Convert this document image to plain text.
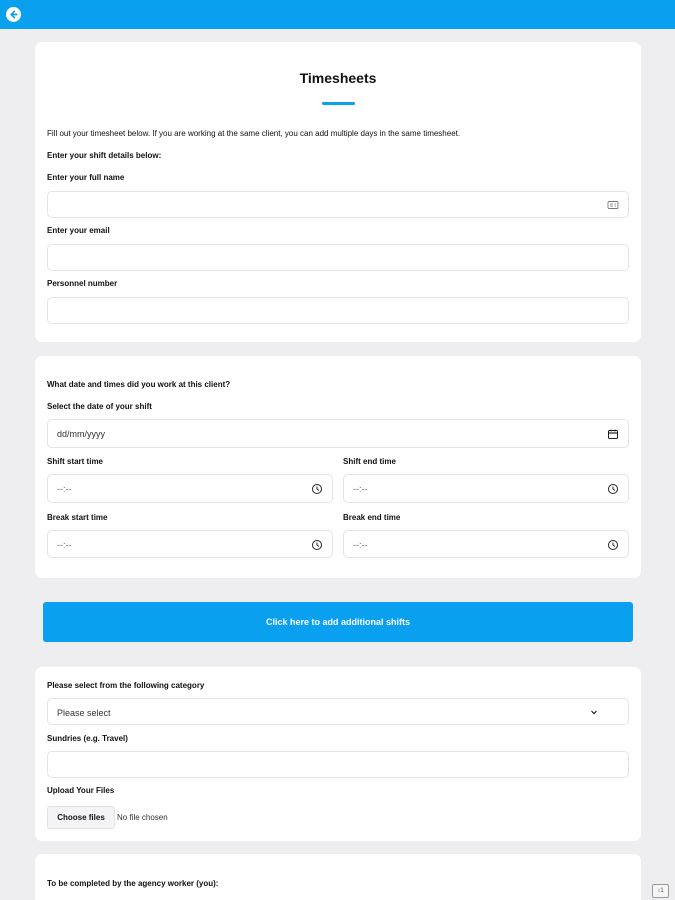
Timesheets
Fill out your timesheet below. If you are working at the same client, you can add multiple days in the same timesheet.
Enter your shift details below:
Enter your full name
Enter your email
Personnel number
What date and times did you work at this client?
Select the date of your shift
dd/mm/yyyy
Shift start time	Shift end time
--:--	--:--
Break start time	Break end time
--:--	--:--
Click here to add additional shifts
Please select from the following category
Please select
Sundries (e.g. Travel)
Upload Your Files
Choose files	No file chosen
To be completed by the agency worker (you):
↕1
